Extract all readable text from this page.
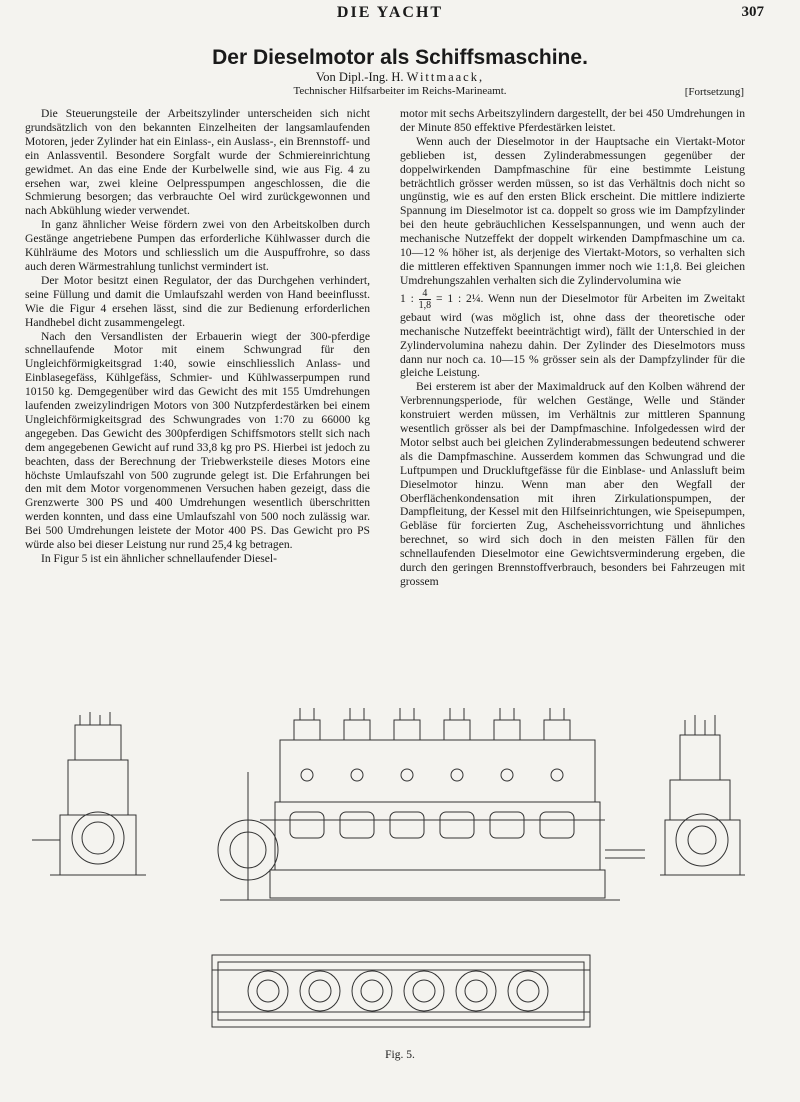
DIE YACHT	307
Der Dieselmotor als Schiffsmaschine.
Von Dipl.-Ing. H. Wittmaack,
Technischer Hilfsarbeiter im Reichs-Marineamt.	[Fortsetzung]

Die Steuerungsteile der Arbeitszylinder unterscheiden sich nicht grundsätzlich von den bekannten Einzelheiten der langsamlaufenden Motoren, jeder Zylinder hat ein Einlass-, ein Auslass-, ein Brennstoff- und ein Anlassventil. Besondere Sorgfalt wurde der Schmiereinrichtung gewidmet. An das eine Ende der Kurbelwelle sind, wie aus Fig. 4 zu ersehen war, zwei kleine Oelpresspumpen angeschlossen, die die Schmierung besorgen; das verbrauchte Oel wird zurückgewonnen und nach Abkühlung wieder verwendet.

In ganz ähnlicher Weise fördern zwei von den Arbeitskolben durch Gestänge angetriebene Pumpen das erforderliche Kühlwasser durch die Kühlräume des Motors und schliesslich um die Auspuffrohre, so dass auch deren Wärmestrahlung tunlichst vermindert ist.

Der Motor besitzt einen Regulator, der das Durchgehen verhindert, seine Füllung und damit die Umlaufszahl werden von Hand beeinflusst. Wie die Figur 4 ersehen lässt, sind die zur Bedienung erforderlichen Handhebel dicht zusammengelegt.

Nach den Versandlisten der Erbauerin wiegt der 300-pferdige schnellaufende Motor mit einem Schwungrad für den Ungleichförmigkeitsgrad 1:40, sowie einschliesslich Anlass- und Einblasegefäss, Kühlgefäss, Schmier- und Kühlwasserpumpen rund 10150 kg. Demgegenüber wird das Gewicht des mit 155 Umdrehungen laufenden zweizylindrigen Motors von 300 Nutzpferdestärken bei einem Ungleichförmigkeitsgrad des Schwungrades von 1:70 zu 66000 kg angegeben. Das Gewicht des 300pferdigen Schiffsmotors stellt sich nach dem angegebenen Gewicht auf rund 33,8 kg pro PS. Hierbei ist jedoch zu beachten, dass der Berechnung der Triebwerksteile dieses Motors eine höchste Umlaufszahl von 500 zugrunde gelegt ist. Die Erfahrungen bei den mit dem Motor vorgenommenen Versuchen haben gezeigt, dass die Grenzwerte 300 PS und 400 Umdrehungen wesentlich überschritten werden konnten, und dass eine Umlaufszahl von 500 noch zulässig war. Bei 500 Umdrehungen leistete der Motor 400 PS. Das Gewicht pro PS würde also bei dieser Leistung nur rund 25,4 kg betragen.

In Figur 5 ist ein ähnlicher schnellaufender Diesel-

motor mit sechs Arbeitszylindern dargestellt, der bei 450 Umdrehungen in der Minute 850 effektive Pferdestärken leistet.

Wenn auch der Dieselmotor in der Hauptsache ein Viertakt-Motor geblieben ist, dessen Zylinderabmessungen gegenüber der doppelwirkenden Dampfmaschine für eine bestimmte Leistung beträchtlich grösser werden müssen, so ist das Verhältnis doch nicht so ungünstig, wie es auf den ersten Blick erscheint. Die mittlere indizierte Spannung im Dieselmotor ist ca. doppelt so gross wie im Dampfzylinder bei den heute gebräuchlichen Kesselspannungen, und wenn auch der mechanische Nutzeffekt der doppelt wirkenden Dampfmaschine um ca. 10—12 % höher ist, als derjenige des Viertakt-Motors, so verhalten sich die mittleren effektiven Spannungen immer noch wie 1:1,8. Bei gleichen Umdrehungszahlen verhalten sich die Zylindervolumina wie

1 : $\frac{4}{1,8} = 1$ : 2¼. Wenn nun der Dieselmotor für Arbeiten im Zweitakt gebaut wird (was möglich ist, ohne dass der theoretische oder mechanische Nutzeffekt beeinträchtigt wird), fällt der Unterschied in der Zylindervolumina nahezu dahin. Der Zylinder des Dieselmotors muss dann nur noch ca. 10—15 % grösser sein als der Dampfzylinder für die gleiche Leistung.

Bei ersterem ist aber der Maximaldruck auf den Kolben während der Verbrennungsperiode, für welchen Gestänge, Welle und Ständer konstruiert werden müssen, im Verhältnis zur mittleren Spannung wesentlich grösser als bei der Dampfmaschine. Infolgedessen wird der Motor selbst auch bei gleichen Zylinderabmessungen bedeutend schwerer als die Dampfmaschine. Ausserdem kommen das Schwungrad und die Luftpumpen und Druckluftgefässe für die Einblase- und Anlassluft beim Dieselmotor hinzu. Wenn man aber den Wegfall der Oberflächenkondensation mit ihren Zirkulationspumpen, der Dampfleitung, der Kessel mit den Hilfseinrichtungen, wie Speisepumpen, Gebläse für forcierten Zug, Ascheheissvorrichtung und ähnliches berechnet, so wird sich doch in den meisten Fällen für den schnellaufenden Dieselmotor eine Gewichtsverminderung ergeben, die durch den geringen Brennstoffverbrauch, besonders bei Fahrzeugen mit grossem

Fig. 5.
